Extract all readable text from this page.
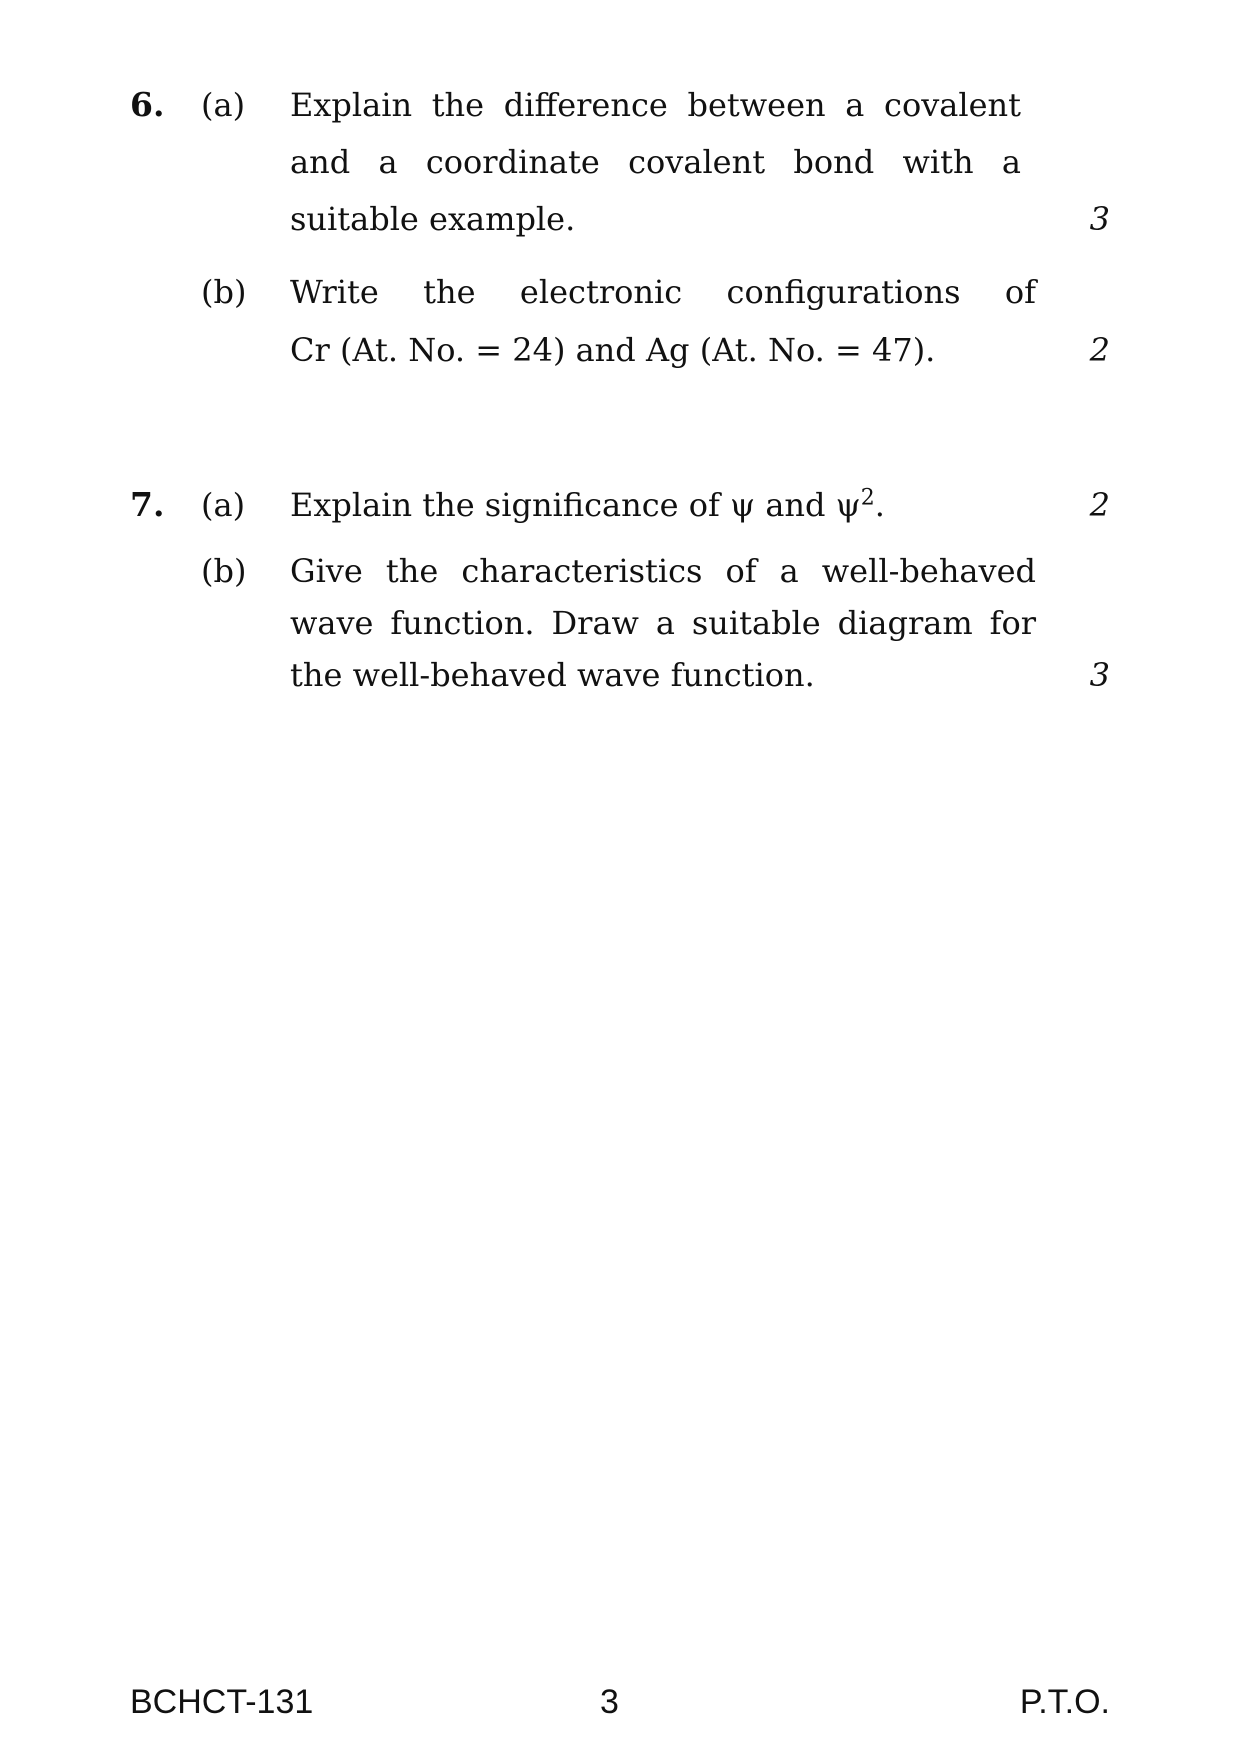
6. (a) Explain the difference between a covalent
and a coordinate covalent bond with a
suitable example.	3
(b) Write the electronic configurations of
Cr (At. No. = 24) and Ag (At. No. = 47).	2
7. (a) Explain the significance of ψ and $\psi^2$.	2
(b) Give the characteristics of a well-behaved
wave function. Draw a suitable diagram for
the well-behaved wave function.	3
BCHCT-131	3	P.T.O.
